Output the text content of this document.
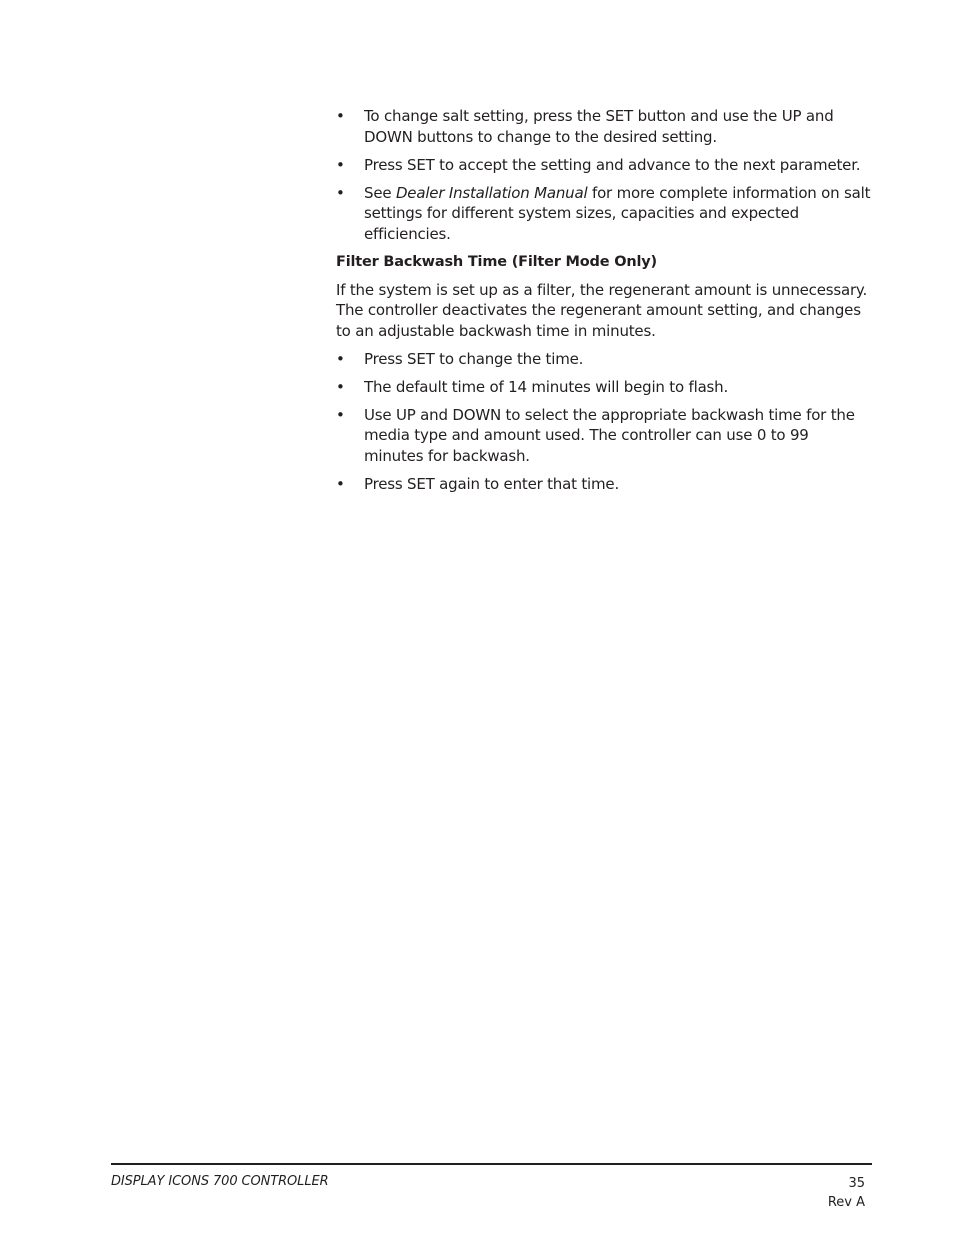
• To change salt setting, press the SET button and use the UP and DOWN buttons to change to the desired setting.
• Press SET to accept the setting and advance to the next parameter.
• See Dealer Installation Manual for more complete information on salt settings for different system sizes, capacities and expected efficiencies.
Filter Backwash Time (Filter Mode Only)

If the system is set up as a filter, the regenerant amount is unnecessary. The controller deactivates the regenerant amount setting, and changes to an adjustable backwash time in minutes.

• Press SET to change the time.
• The default time of 14 minutes will begin to flash.
• Use UP and DOWN to select the appropriate backwash time for the media type and amount used. The controller can use 0 to 99 minutes for backwash.
• Press SET again to enter that time.
DISPLAY ICONS 700 CONTROLLER	35
Rev A
